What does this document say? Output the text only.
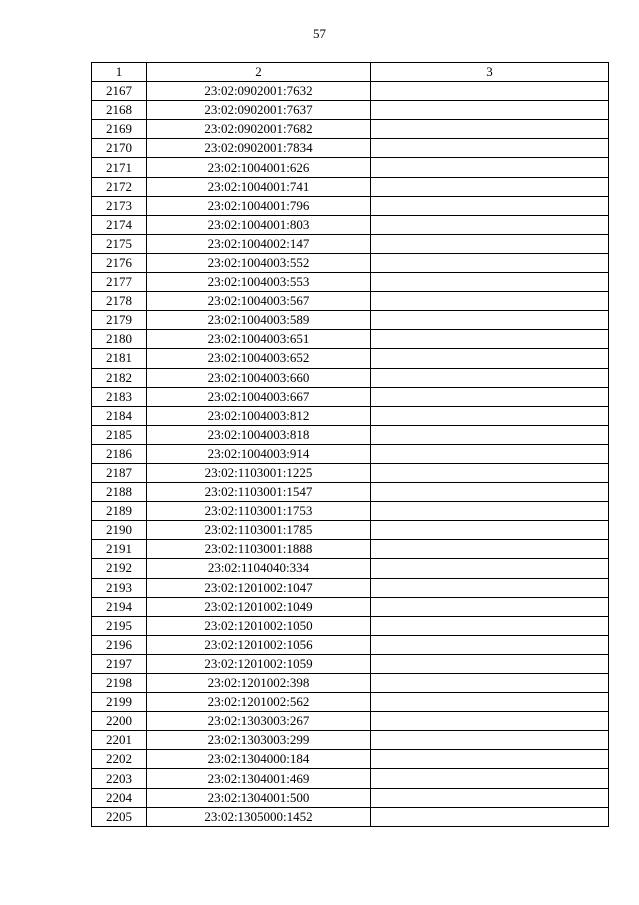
57
1	2	3
2167	23:02:0902001:7632	
2168	23:02:0902001:7637	
2169	23:02:0902001:7682	
2170	23:02:0902001:7834	
2171	23:02:1004001:626	
2172	23:02:1004001:741	
2173	23:02:1004001:796	
2174	23:02:1004001:803	
2175	23:02:1004002:147	
2176	23:02:1004003:552	
2177	23:02:1004003:553	
2178	23:02:1004003:567	
2179	23:02:1004003:589	
2180	23:02:1004003:651	
2181	23:02:1004003:652	
2182	23:02:1004003:660	
2183	23:02:1004003:667	
2184	23:02:1004003:812	
2185	23:02:1004003:818	
2186	23:02:1004003:914	
2187	23:02:1103001:1225	
2188	23:02:1103001:1547	
2189	23:02:1103001:1753	
2190	23:02:1103001:1785	
2191	23:02:1103001:1888	
2192	23:02:1104040:334	
2193	23:02:1201002:1047	
2194	23:02:1201002:1049	
2195	23:02:1201002:1050	
2196	23:02:1201002:1056	
2197	23:02:1201002:1059	
2198	23:02:1201002:398	
2199	23:02:1201002:562	
2200	23:02:1303003:267	
2201	23:02:1303003:299	
2202	23:02:1304000:184	
2203	23:02:1304001:469	
2204	23:02:1304001:500	
2205	23:02:1305000:1452	
